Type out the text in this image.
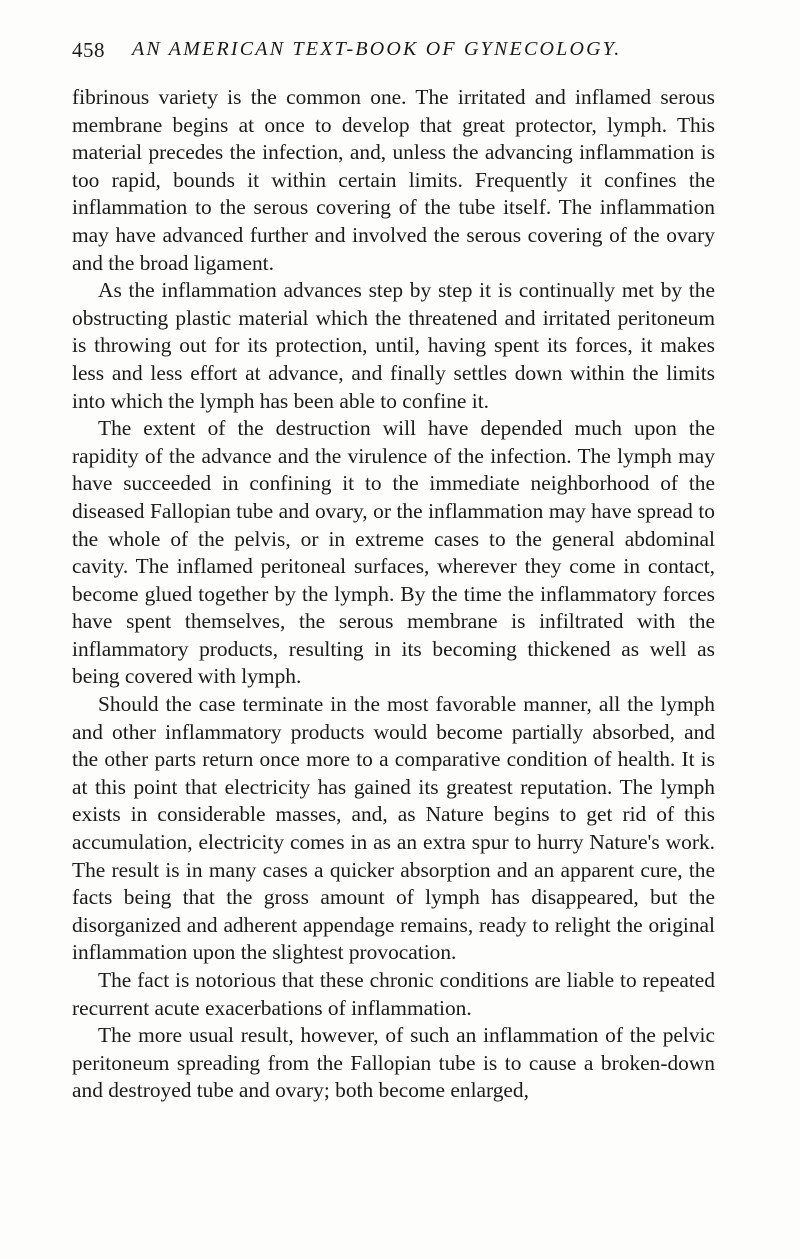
458 AN AMERICAN TEXT-BOOK OF GYNECOLOGY.

fibrinous variety is the common one. The irritated and inflamed serous membrane begins at once to develop that great protector, lymph. This material precedes the infection, and, unless the advancing inflammation is too rapid, bounds it within certain limits. Frequently it confines the inflammation to the serous covering of the tube itself. The inflammation may have advanced further and involved the serous covering of the ovary and the broad ligament.

As the inflammation advances step by step it is continually met by the obstructing plastic material which the threatened and irritated peritoneum is throwing out for its protection, until, having spent its forces, it makes less and less effort at advance, and finally settles down within the limits into which the lymph has been able to confine it.

The extent of the destruction will have depended much upon the rapidity of the advance and the virulence of the infection. The lymph may have succeeded in confining it to the immediate neighborhood of the diseased Fallopian tube and ovary, or the inflammation may have spread to the whole of the pelvis, or in extreme cases to the general abdominal cavity. The inflamed peritoneal surfaces, wherever they come in contact, become glued together by the lymph. By the time the inflammatory forces have spent themselves, the serous membrane is infiltrated with the inflammatory products, resulting in its becoming thickened as well as being covered with lymph.

Should the case terminate in the most favorable manner, all the lymph and other inflammatory products would become partially absorbed, and the other parts return once more to a comparative condition of health. It is at this point that electricity has gained its greatest reputation. The lymph exists in considerable masses, and, as Nature begins to get rid of this accumulation, electricity comes in as an extra spur to hurry Nature's work. The result is in many cases a quicker absorption and an apparent cure, the facts being that the gross amount of lymph has disappeared, but the disorganized and adherent appendage remains, ready to relight the original inflammation upon the slightest provocation.

The fact is notorious that these chronic conditions are liable to repeated recurrent acute exacerbations of inflammation.

The more usual result, however, of such an inflammation of the pelvic peritoneum spreading from the Fallopian tube is to cause a broken-down and destroyed tube and ovary; both become enlarged,
